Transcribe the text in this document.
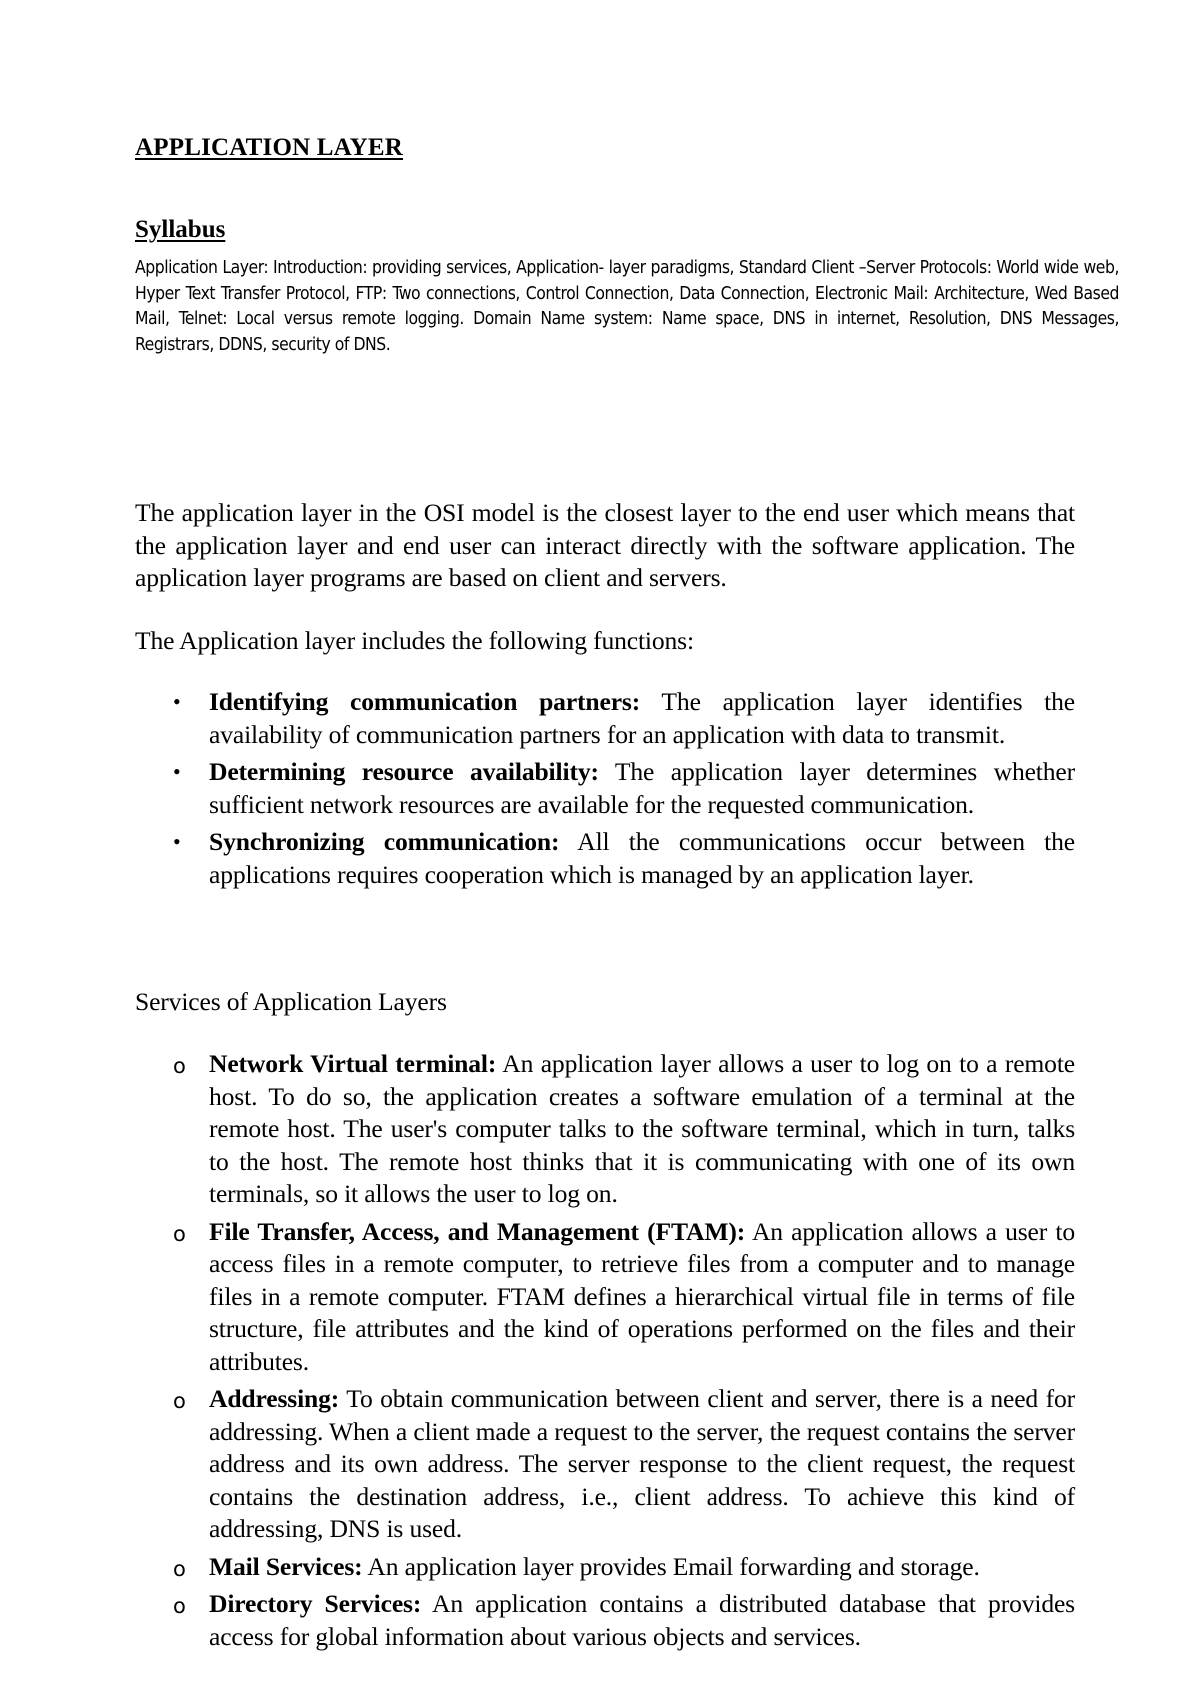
APPLICATION LAYER
Syllabus

Application Layer: Introduction: providing services, Application- layer paradigms, Standard Client –Server Protocols: World wide web, Hyper Text Transfer Protocol, FTP: Two connections, Control Connection, Data Connection, Electronic Mail: Architecture, Wed Based Mail, Telnet: Local versus remote logging. Domain Name system: Name space, DNS in internet, Resolution, DNS Messages, Registrars, DDNS, security of DNS.

The application layer in the OSI model is the closest layer to the end user which means that the application layer and end user can interact directly with the software application. The application layer programs are based on client and servers.

The Application layer includes the following functions:

• Identifying communication partners: The application layer identifies the availability of communication partners for an application with data to transmit.
• Determining resource availability: The application layer determines whether sufficient network resources are available for the requested communication.
• Synchronizing communication: All the communications occur between the applications requires cooperation which is managed by an application layer.

Services of Application Layers

o Network Virtual terminal: An application layer allows a user to log on to a remote host. To do so, the application creates a software emulation of a terminal at the remote host. The user's computer talks to the software terminal, which in turn, talks to the host. The remote host thinks that it is communicating with one of its own terminals, so it allows the user to log on.
o File Transfer, Access, and Management (FTAM): An application allows a user to access files in a remote computer, to retrieve files from a computer and to manage files in a remote computer. FTAM defines a hierarchical virtual file in terms of file structure, file attributes and the kind of operations performed on the files and their attributes.
o Addressing: To obtain communication between client and server, there is a need for addressing. When a client made a request to the server, the request contains the server address and its own address. The server response to the client request, the request contains the destination address, i.e., client address. To achieve this kind of addressing, DNS is used.
o Mail Services: An application layer provides Email forwarding and storage.
o Directory Services: An application contains a distributed database that provides access for global information about various objects and services.
